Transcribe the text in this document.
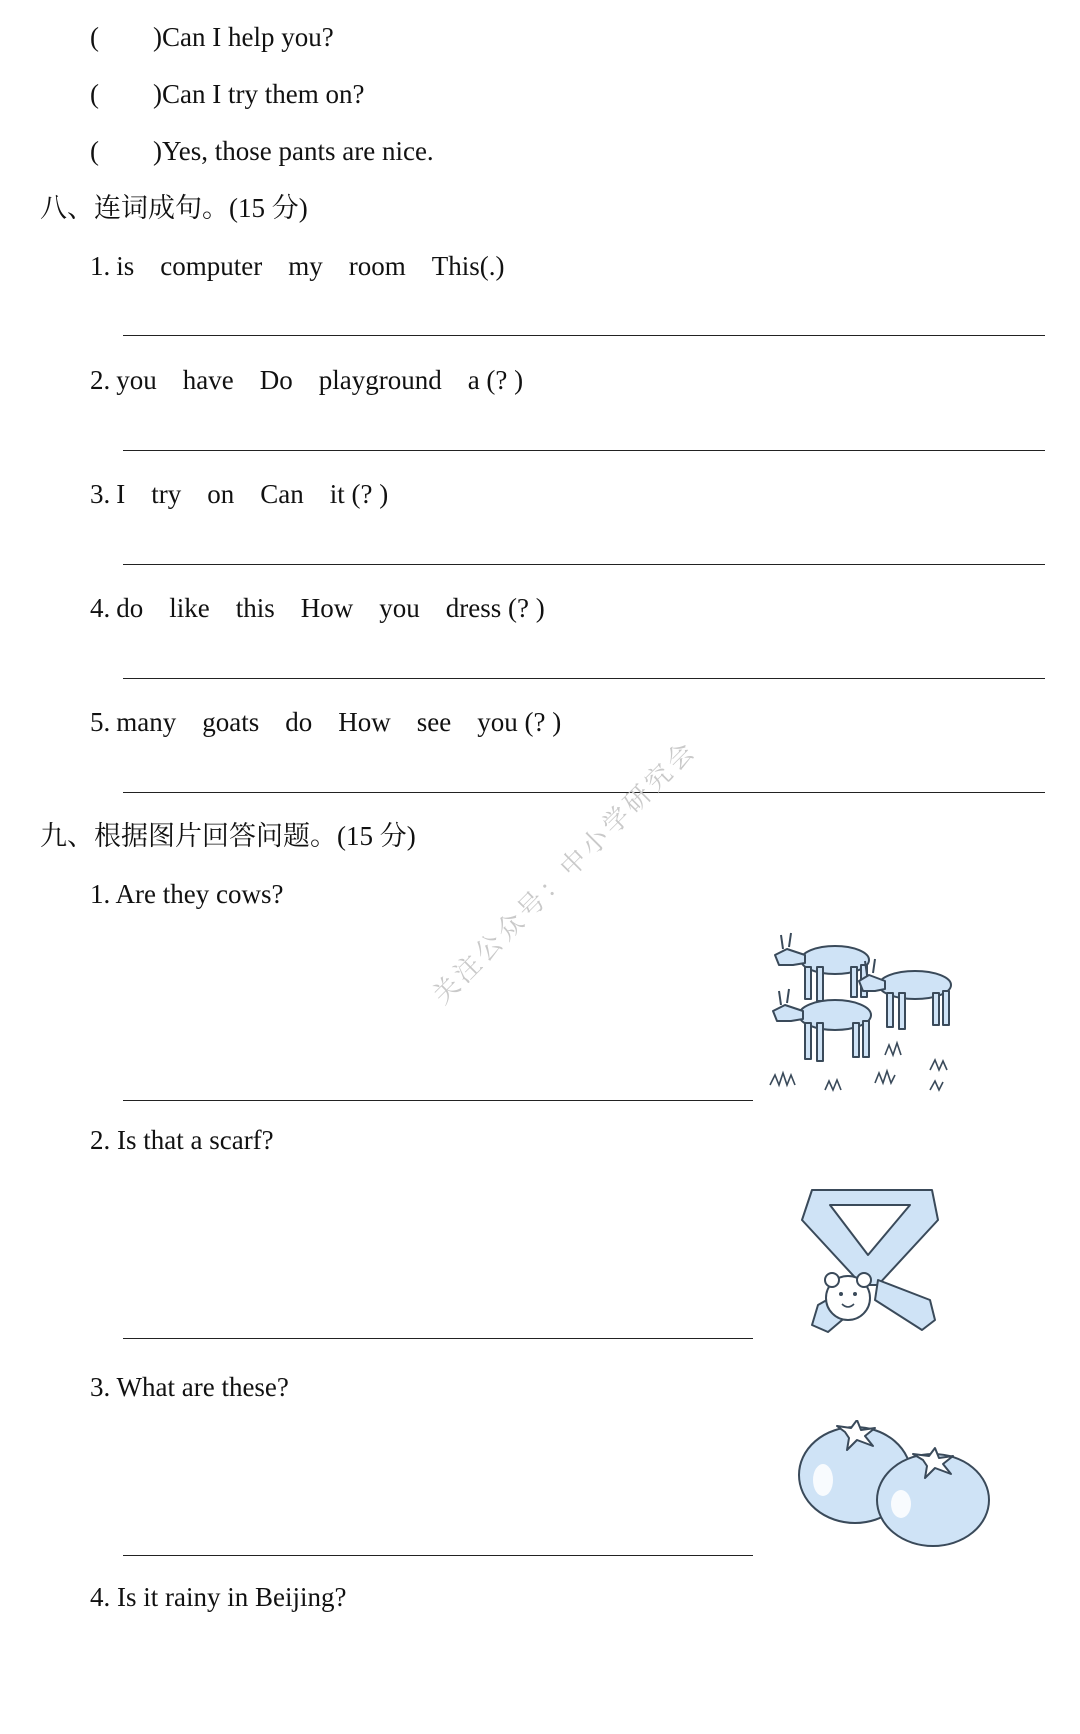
(        )Can I help you?
(        )Can I try them on?
(        )Yes, those pants are nice.
八、连词成句。(15 分)
1. is computer my room This(.)
2. you have Do playground a (? )
3. I try on Can it (? )
4. do like this How you dress (? )
5. many goats do How see you (? )
九、根据图片回答问题。(15 分)
1. Are they cows?
2. Is that a scarf?
3. What are these?
4. Is it rainy in Beijing?
关注公众号：中小学研究会
